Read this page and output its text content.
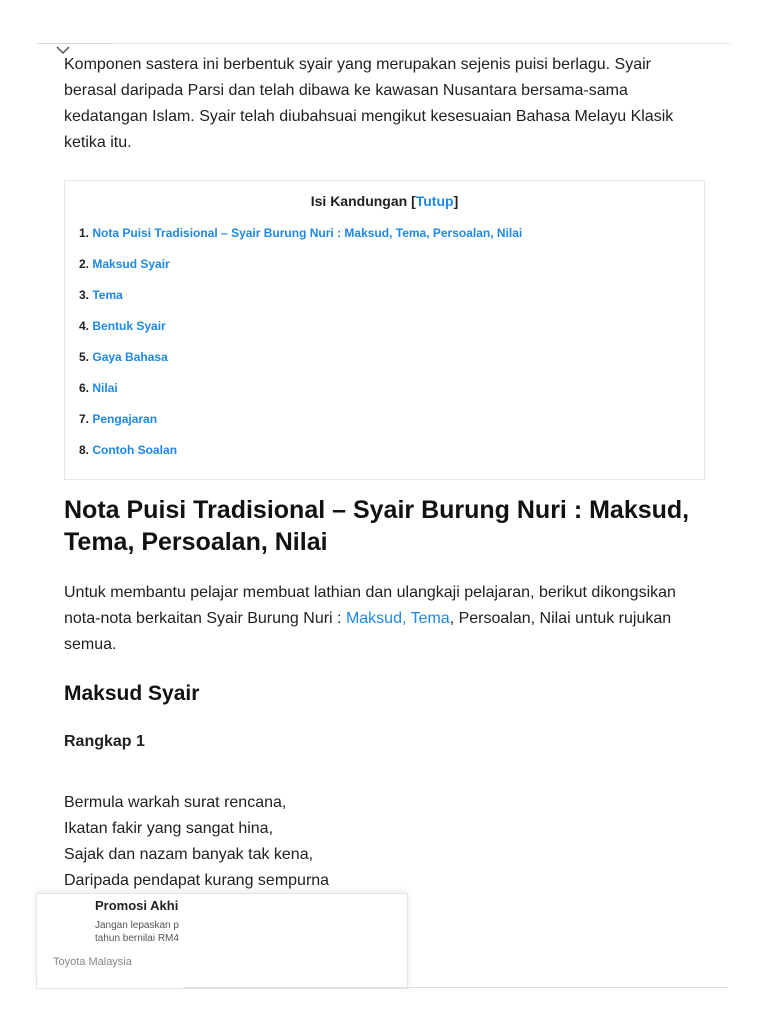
Komponen sastera ini berbentuk syair yang merupakan sejenis puisi berlagu. Syair berasal daripada Parsi dan telah dibawa ke kawasan Nusantara bersama-sama kedatangan Islam. Syair telah diubahsuai mengikut kesesuaian Bahasa Melayu Klasik ketika itu.

Isi Kandungan [Tutup]
1. Nota Puisi Tradisional – Syair Burung Nuri : Maksud, Tema, Persoalan, Nilai
2. Maksud Syair
3. Tema
4. Bentuk Syair
5. Gaya Bahasa
6. Nilai
7. Pengajaran
8. Contoh Soalan
Nota Puisi Tradisional – Syair Burung Nuri : Maksud, Tema, Persoalan, Nilai

Untuk membantu pelajar membuat lathian dan ulangkaji pelajaran, berikut dikongsikan nota-nota berkaitan Syair Burung Nuri : Maksud, Tema, Persoalan, Nilai untuk rujukan semua.

Maksud Syair
Rangkap 1
Bermula warkah surat rencana,
Ikatan fakir yang sangat hina,
Sajak dan nazam banyak tak kena,
Daripada pendapat kurang sempurna
Promosi Akhi
Jangan lepaskan p
tahun bernilai RM4
Toyota Malaysia
